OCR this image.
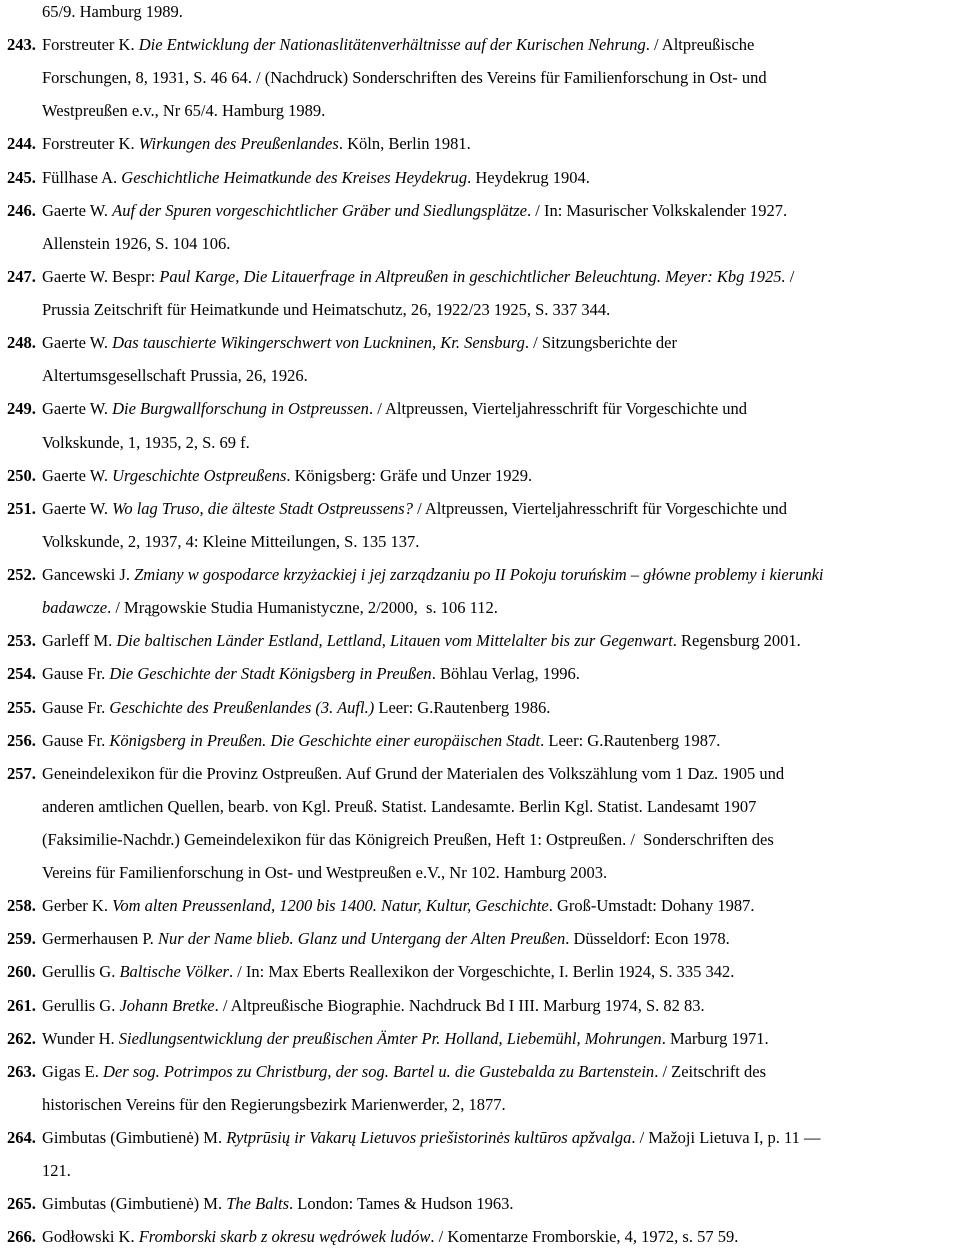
65/9. Hamburg 1989.
243. Forstreuter K. Die Entwicklung der Nationaslitätenverhältnisse auf der Kurischen Nehrung. / Altpreußische
Forschungen, 8, 1931, S. 46 64. / (Nachdruck) Sonderschriften des Vereins für Familienforschung in Ost- und
Westpreußen e.v., Nr 65/4. Hamburg 1989.
244. Forstreuter K. Wirkungen des Preußenlandes. Köln, Berlin 1981.
245. Füllhase A. Geschichtliche Heimatkunde des Kreises Heydekrug. Heydekrug 1904.
246. Gaerte W. Auf der Spuren vorgeschichtlicher Gräber und Siedlungsplätze. / In: Masurischer Volkskalender 1927.
Allenstein 1926, S. 104 106.
247. Gaerte W. Bespr: Paul Karge, Die Litauerfrage in Altpreußen in geschichtlicher Beleuchtung. Meyer: Kbg 1925. /
Prussia Zeitschrift für Heimatkunde und Heimatschutz, 26, 1922/23 1925, S. 337 344.
248. Gaerte W. Das tauschierte Wikingerschwert von Luckninen, Kr. Sensburg. / Sitzungsberichte der
Altertumsgesellschaft Prussia, 26, 1926.
249. Gaerte W. Die Burgwallforschung in Ostpreussen. / Altpreussen, Vierteljahresschrift für Vorgeschichte und
Volkskunde, 1, 1935, 2, S. 69 f.
250. Gaerte W. Urgeschichte Ostpreußens. Königsberg: Gräfe und Unzer 1929.
251. Gaerte W. Wo lag Truso, die älteste Stadt Ostpreussens? / Altpreussen, Vierteljahresschrift für Vorgeschichte und
Volkskunde, 2, 1937, 4: Kleine Mitteilungen, S. 135 137.
252. Gancewski J. Zmiany w gospodarce krzyżackiej i jej zarządzaniu po II Pokoju toruńskim – główne problemy i kierunki
badawcze. / Mrągowskie Studia Humanistyczne, 2/2000,  s. 106 112.
253. Garleff M. Die baltischen Länder Estland, Lettland, Litauen vom Mittelalter bis zur Gegenwart. Regensburg 2001.
254. Gause Fr. Die Geschichte der Stadt Königsberg in Preußen. Böhlau Verlag, 1996.
255. Gause Fr. Geschichte des Preußenlandes (3. Aufl.) Leer: G.Rautenberg 1986.
256. Gause Fr. Königsberg in Preußen. Die Geschichte einer europäischen Stadt. Leer: G.Rautenberg 1987.
257. Geneindelexikon für die Provinz Ostpreußen. Auf Grund der Materialen des Volkszählung vom 1 Daz. 1905 und
anderen amtlichen Quellen, bearb. von Kgl. Preuß. Statist. Landesamte. Berlin Kgl. Statist. Landesamt 1907
(Faksimilie-Nachdr.) Gemeindelexikon für das Königreich Preußen, Heft 1: Ostpreußen. /  Sonderschriften des
Vereins für Familienforschung in Ost- und Westpreußen e.V., Nr 102. Hamburg 2003.
258. Gerber K. Vom alten Preussenland, 1200 bis 1400. Natur, Kultur, Geschichte. Groß-Umstadt: Dohany 1987.
259. Germerhausen P. Nur der Name blieb. Glanz und Untergang der Alten Preußen. Düsseldorf: Econ 1978.
260. Gerullis G. Baltische Völker. / In: Max Eberts Reallexikon der Vorgeschichte, I. Berlin 1924, S. 335 342.
261. Gerullis G. Johann Bretke. / Altpreußische Biographie. Nachdruck Bd I III. Marburg 1974, S. 82 83.
262. Wunder H. Siedlungsentwicklung der preußischen Ämter Pr. Holland, Liebemühl, Mohrungen. Marburg 1971.
263. Gigas E. Der sog. Potrimpos zu Christburg, der sog. Bartel u. die Gustebalda zu Bartenstein. / Zeitschrift des
historischen Vereins für den Regierungsbezirk Marienwerder, 2, 1877.
264. Gimbutas (Gimbutienė) M. Rytprūsių ir Vakarų Lietuvos priešistorinės kultūros apžvalga. / Mažoji Lietuva I, p. 11 —
121.
265. Gimbutas (Gimbutienė) M. The Balts. London: Tames & Hudson 1963.
266. Godłowski K. Fromborski skarb z okresu wędrówek ludów. / Komentarze Fromborskie, 4, 1972, s. 57 59.
